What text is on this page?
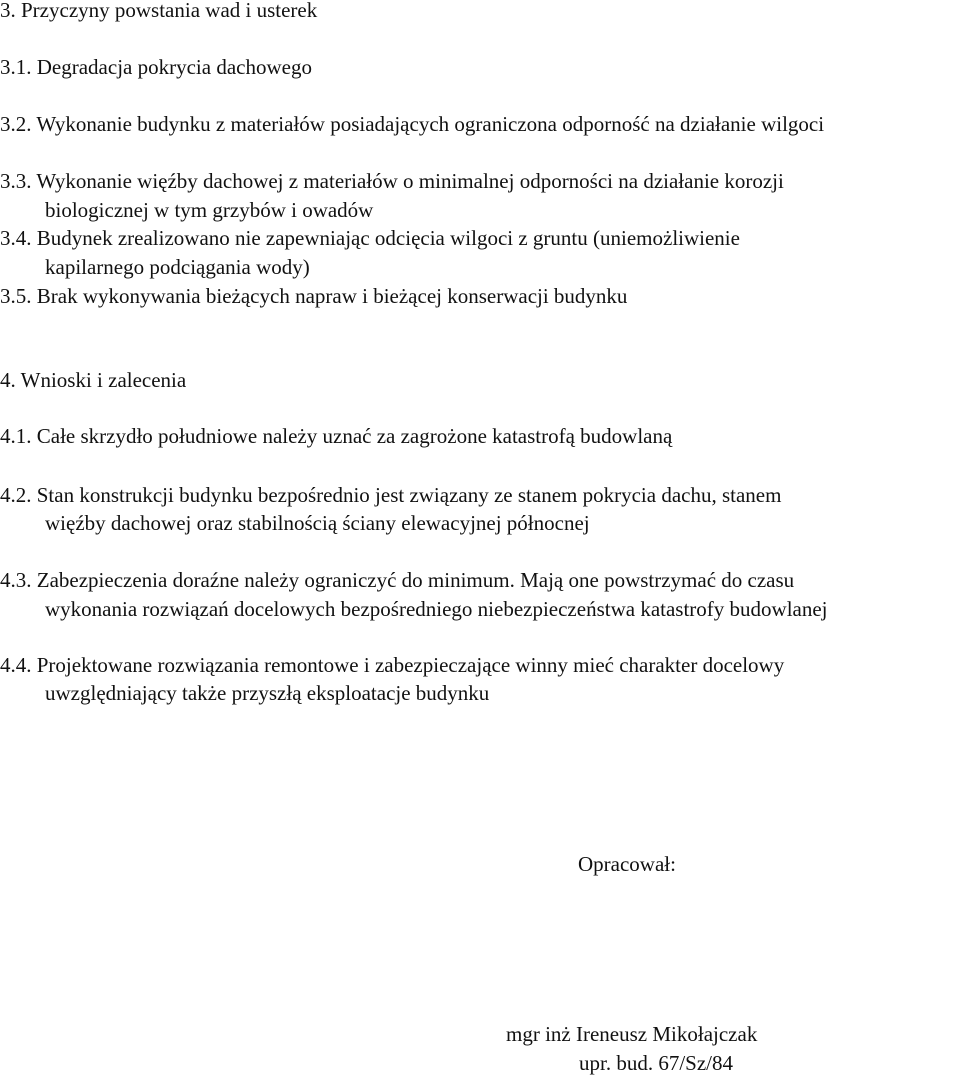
3. Przyczyny powstania wad i usterek
3.1. Degradacja pokrycia dachowego
3.2. Wykonanie budynku z materiałów posiadających ograniczona odporność na działanie wilgoci
3.3. Wykonanie więźby dachowej z materiałów o minimalnej odporności na działanie korozji
biologicznej w tym grzybów i owadów
3.4. Budynek zrealizowano nie zapewniając odcięcia wilgoci z gruntu (uniemożliwienie
kapilarnego podciągania wody)
3.5. Brak wykonywania bieżących napraw i bieżącej konserwacji budynku
4. Wnioski i zalecenia
4.1. Całe skrzydło południowe należy uznać za zagrożone katastrofą budowlaną
4.2. Stan konstrukcji budynku bezpośrednio jest związany ze stanem pokrycia dachu, stanem
więźby dachowej oraz stabilnością ściany elewacyjnej północnej
4.3. Zabezpieczenia doraźne należy ograniczyć do minimum. Mają one powstrzymać do czasu
wykonania rozwiązań docelowych bezpośredniego niebezpieczeństwa katastrofy budowlanej
4.4. Projektowane rozwiązania remontowe i zabezpieczające winny mieć charakter docelowy
uwzględniający także przyszłą eksploatacje budynku
Opracował:
mgr inż Ireneusz Mikołajczak
upr. bud. 67/Sz/84
